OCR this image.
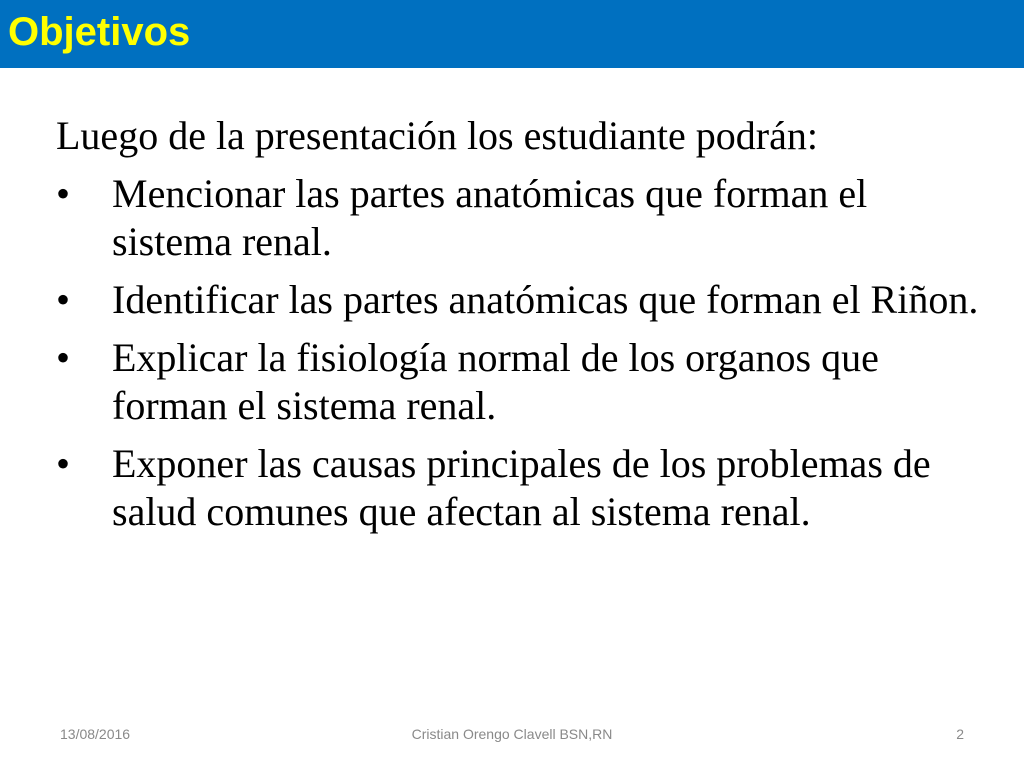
Objetivos

Luego de la presentación los estudiante podrán:

• Mencionar las partes anatómicas que forman el sistema renal.
• Identificar las partes anatómicas que forman el Riñon.
• Explicar la fisiología normal de los organos que forman el sistema renal.
• Exponer las causas principales de los problemas de salud comunes que afectan al sistema renal.
13/08/2016	Cristian Orengo Clavell BSN,RN	2
